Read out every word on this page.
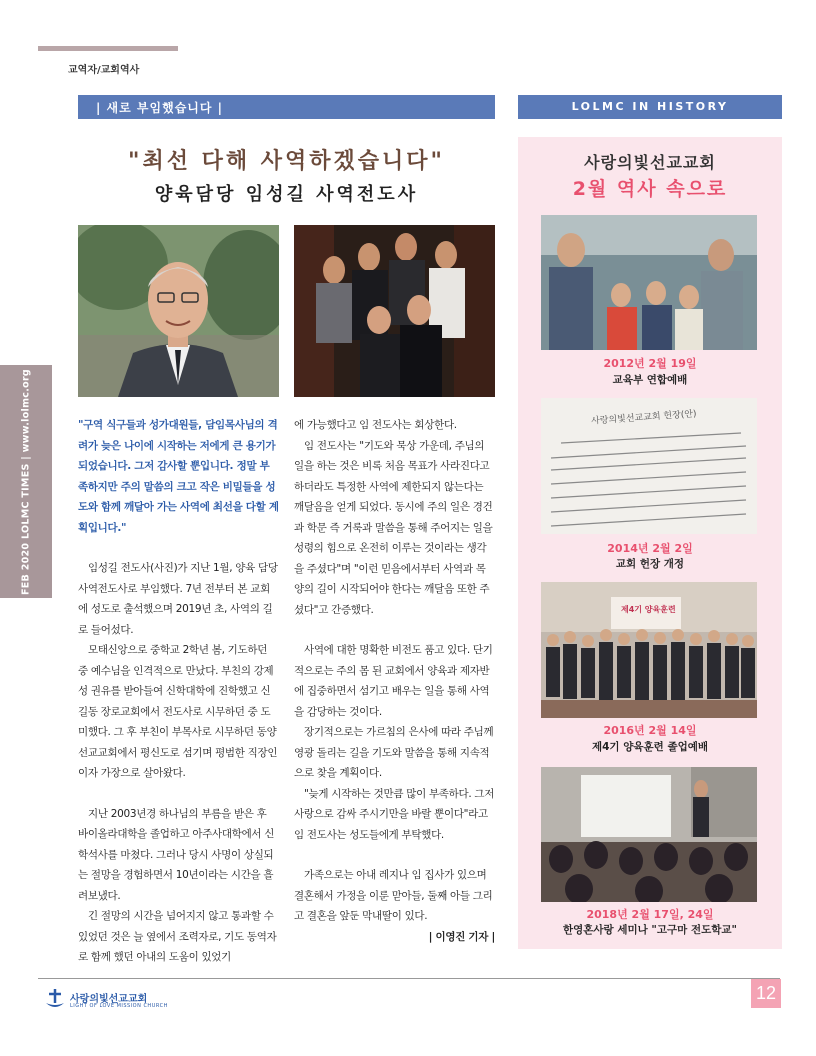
교역자/교회역사
FEB 2020 LOLMC TIMES | www.lolmc.org
| 새로 부임했습니다 |
"최선 다해 사역하겠습니다"
양육담당 임성길 사역전도사

"구역 식구들과 성가대원들, 담임목사님의 격려가 늦은 나이에 시작하는 저에게 큰 용기가 되었습니다. 그저 감사할 뿐입니다. 정말 부족하지만 주의 말씀의 크고 작은 비밀들을 성도와 함께 깨달아 가는 사역에 최선을 다할 계획입니다."

임성길 전도사(사진)가 지난 1월, 양육 담당 사역전도사로 부임했다. 7년 전부터 본 교회에 성도로 출석했으며 2019년 초, 사역의 길로 들어섰다.

모태신앙으로 중학교 2학년 봄, 기도하던 중 예수님을 인격적으로 만났다. 부친의 강제성 권유를 받아들여 신학대학에 진학했고 신길동 장로교회에서 전도사로 시무하던 중 도미했다. 그 후 부친이 부목사로 시무하던 동양선교교회에서 평신도로 섬기며 평범한 직장인이자 가장으로 살아왔다.

지난 2003년경 하나님의 부름을 받은 후 바이올라대학을 졸업하고 아주사대학에서 신학석사를 마쳤다. 그러나 당시 사명이 상실되는 절망을 경험하면서 10년이라는 시간을 흘려보냈다.

긴 절망의 시간을 넘어지지 않고 통과할 수 있었던 것은 늘 옆에서 조력자로, 기도 동역자로 함께 했던 아내의 도움이 있었기

에 가능했다고 임 전도사는 회상한다.

임 전도사는 "기도와 묵상 가운데, 주님의 일을 하는 것은 비록 처음 목표가 사라진다고 하더라도 특정한 사역에 제한되지 않는다는 깨달음을 얻게 되었다. 동시에 주의 일은 경건과 학문 즉 거룩과 말씀을 통해 주어지는 일을 성령의 힘으로 온전히 이루는 것이라는 생각을 주셨다"며 "이런 믿음에서부터 사역과 목양의 길이 시작되어야 한다는 깨달음 또한 주셨다"고 간증했다.

사역에 대한 명확한 비전도 품고 있다. 단기적으로는 주의 몸 된 교회에서 양육과 제자반에 집중하면서 섬기고 배우는 일을 통해 사역을 감당하는 것이다.

장기적으로는 가르침의 은사에 따라 주님께 영광 돌리는 길을 기도와 말씀을 통해 지속적으로 찾을 계획이다.

"늦게 시작하는 것만큼 많이 부족하다. 그저 사랑으로 감싸 주시기만을 바랄 뿐이다"라고 임 전도사는 성도들에게 부탁했다.

가족으로는 아내 레지나 임 집사가 있으며 결혼해서 가정을 이룬 맏아들, 둘째 아들 그리고 결혼을 앞둔 막내딸이 있다.

| 이영진 기자 |

LOLMC IN HISTORY
사랑의빛선교교회
2월 역사 속으로
2012년 2월 19일
교육부 연합예배
사랑의빛선교교회 헌장(안)
2014년 2월 2일
교회 헌장 개정
제4기 양육훈련
2016년 2월 14일
제4기 양육훈련 졸업예배
2018년 2월 17일, 24일
한영혼사랑 세미나 "고구마 전도학교"
사랑의빛선교교회
LIGHT OF LOVE MISSION CHURCH
12
